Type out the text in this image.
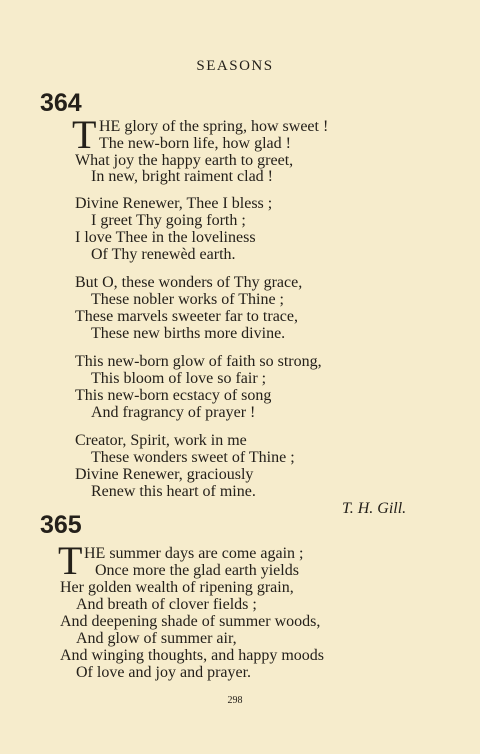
SEASONS
364
T HE glory of the spring, how sweet !
The new-born life, how glad !
What joy the happy earth to greet,
In new, bright raiment clad !
Divine Renewer, Thee I bless ;
I greet Thy going forth ;
I love Thee in the loveliness
Of Thy renewèd earth.
But O, these wonders of Thy grace,
These nobler works of Thine ;
These marvels sweeter far to trace,
These new births more divine.
This new-born glow of faith so strong,
This bloom of love so fair ;
This new-born ecstacy of song
And fragrancy of prayer !
Creator, Spirit, work in me
These wonders sweet of Thine ;
Divine Renewer, graciously
Renew this heart of mine.
T. H. Gill.
365
T HE summer days are come again ;
Once more the glad earth yields
Her golden wealth of ripening grain,
And breath of clover fields ;
And deepening shade of summer woods,
And glow of summer air,
And winging thoughts, and happy moods
Of love and joy and prayer.
298
